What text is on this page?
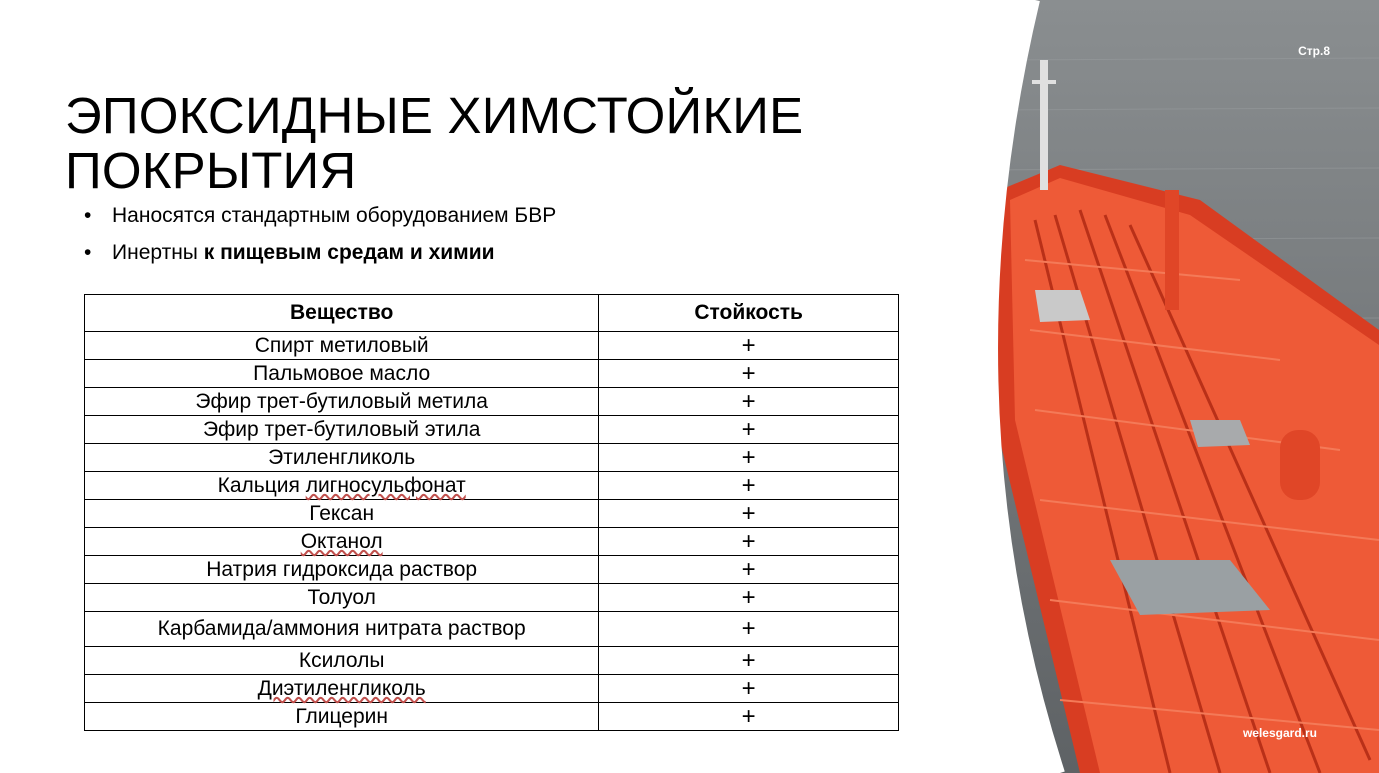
ЭПОКСИДНЫЕ ХИМСТОЙКИЕ
ПОКРЫТИЯ
• Наносятся стандартным оборудованием БВР
• Инертны к пищевым средам и химии
Вещество	Стойкость
Спирт метиловый	+
Пальмовое масло	+
Эфир трет-бутиловый метила	+
Эфир трет-бутиловый этила	+
Этиленгликоль	+
Кальция лигносульфонат	+
Гексан	+
Октанол	+
Натрия гидроксида раствор	+
Толуол	+
Карбамида/аммония нитрата раствор	+
Ксилолы	+
Диэтиленгликоль	+
Глицерин	+
Стр.8
welesgard.ru
